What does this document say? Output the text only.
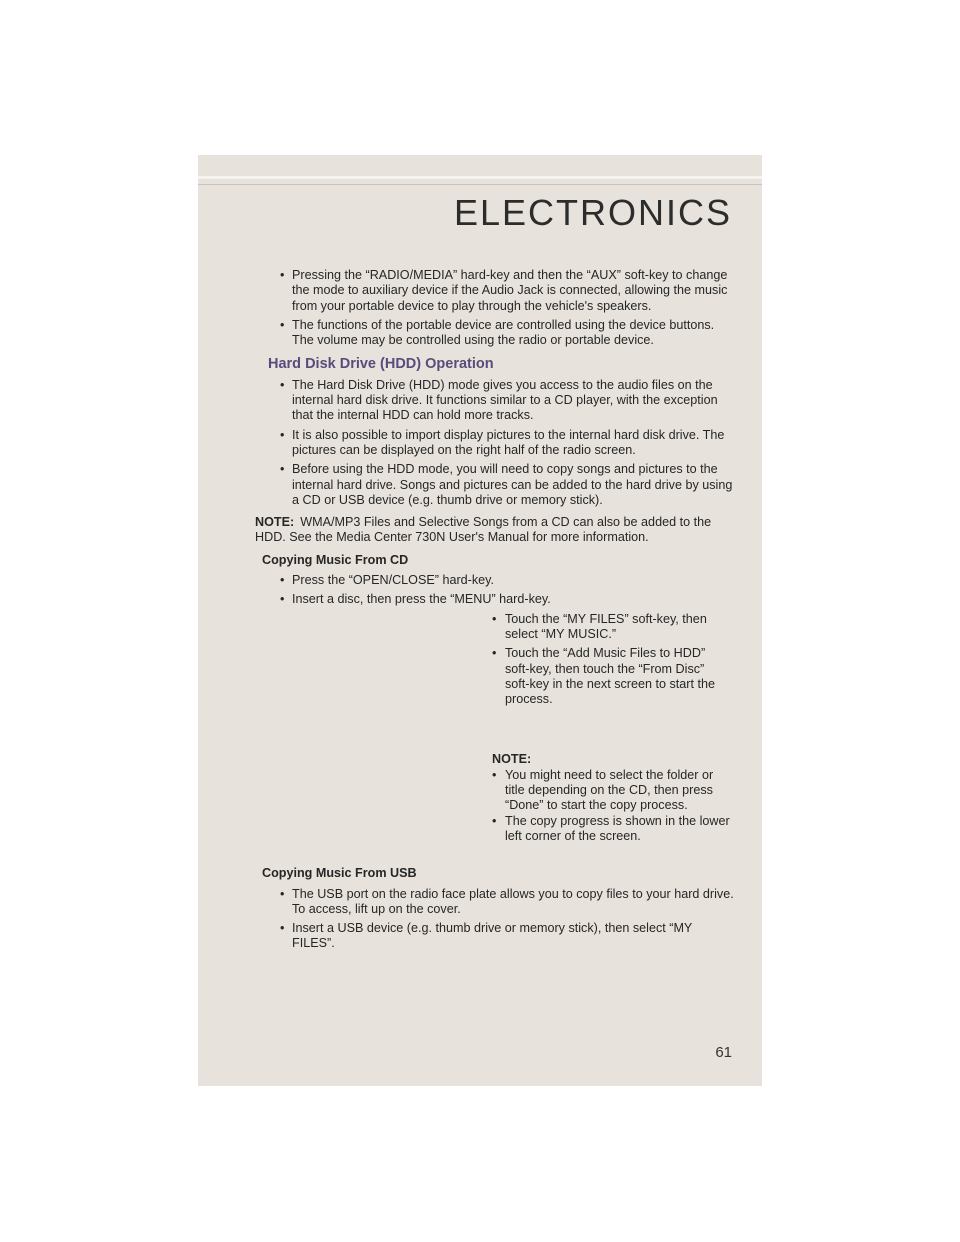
ELECTRONICS
• Pressing the “RADIO/MEDIA” hard-key and then the “AUX” soft-key to change the mode to auxiliary device if the Audio Jack is connected, allowing the music from your portable device to play through the vehicle's speakers.
• The functions of the portable device are controlled using the device buttons. The volume may be controlled using the radio or portable device.
Hard Disk Drive (HDD) Operation
• The Hard Disk Drive (HDD) mode gives you access to the audio files on the internal hard disk drive. It functions similar to a CD player, with the exception that the internal HDD can hold more tracks.
• It is also possible to import display pictures to the internal hard disk drive. The pictures can be displayed on the right half of the radio screen.
• Before using the HDD mode, you will need to copy songs and pictures to the internal hard drive. Songs and pictures can be added to the hard drive by using a CD or USB device (e.g. thumb drive or memory stick).
NOTE: WMA/MP3 Files and Selective Songs from a CD can also be added to the HDD. See the Media Center 730N User's Manual for more information.
Copying Music From CD
• Press the “OPEN/CLOSE” hard-key.
• Insert a disc, then press the “MENU” hard-key.
• Touch the “MY FILES” soft-key, then select “MY MUSIC.”
• Touch the “Add Music Files to HDD” soft-key, then touch the “From Disc” soft-key in the next screen to start the process.
NOTE:
• You might need to select the folder or title depending on the CD, then press “Done” to start the copy process.
• The copy progress is shown in the lower left corner of the screen.
Copying Music From USB
• The USB port on the radio face plate allows you to copy files to your hard drive. To access, lift up on the cover.
• Insert a USB device (e.g. thumb drive or memory stick), then select “MY FILES”.
61
